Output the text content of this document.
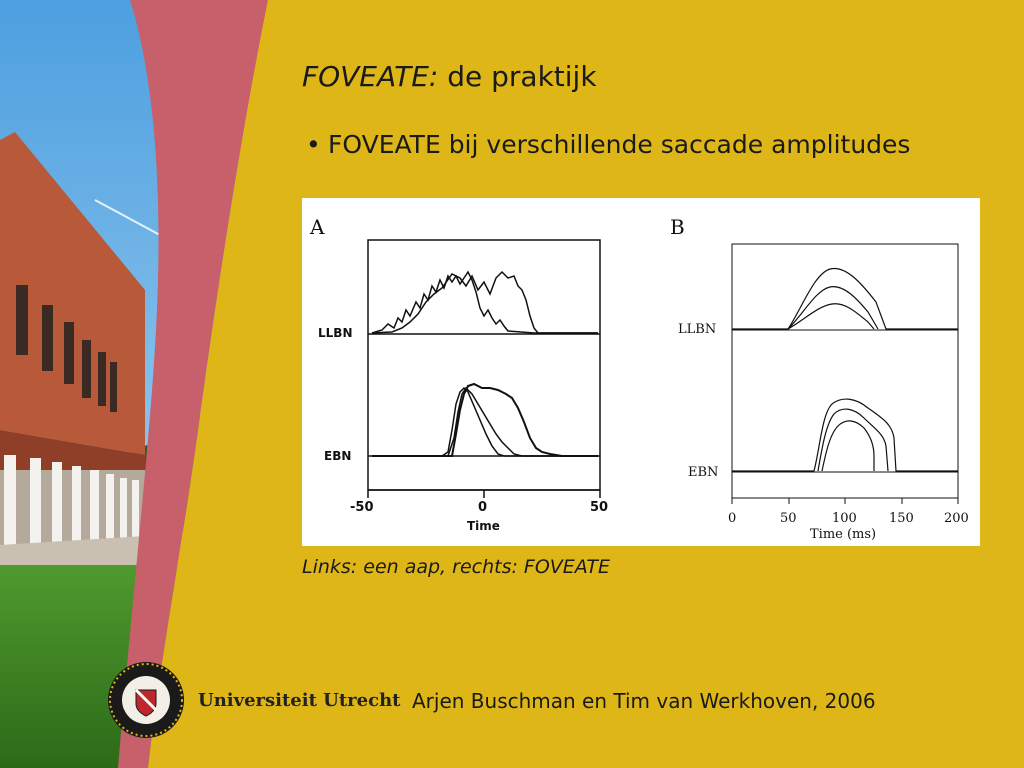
FOVEATE: de praktijk
• FOVEATE bij verschillende saccade amplitudes
A
LLBN
EBN
-50	0	50
Time
B
LLBN
EBN
0	50	100 150 200
Time (ms)
Links: een aap, rechts: FOVEATE
Universiteit Utrecht Arjen Buschman en Tim van Werkhoven, 2006
